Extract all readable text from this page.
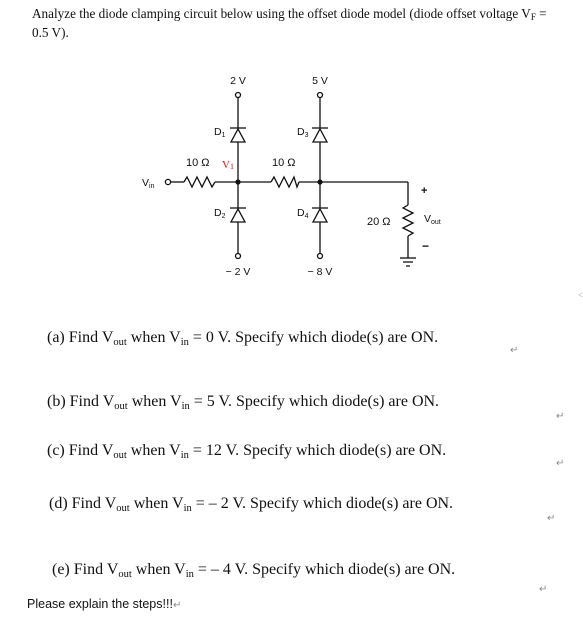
Analyze the diode clamping circuit below using the offset diode model (diode offset voltage $V_F = 0.5$ V).
2 V	5 V
− 2 V	− 8 V
D1
D2
D3
D4
10 Ω	10 Ω
20 Ω
V1
Vin
Vout
+
−
<
(a) Find $V_{out}$ when $V_{in} = 0$ V. Specify which diode(s) are ON.
↵
(b) Find $V_{out}$ when $V_{in} = 5$ V. Specify which diode(s) are ON.
↵
(c) Find $V_{out}$ when $V_{in} = 12$ V. Specify which diode(s) are ON.
↵
(d) Find $V_{out}$ when $V_{in}$ = – 2 V. Specify which diode(s) are ON.
↵
(e) Find $V_{out}$ when $V_{in}$ = – 4 V. Specify which diode(s) are ON.
↵
Please explain the steps!!!↵
